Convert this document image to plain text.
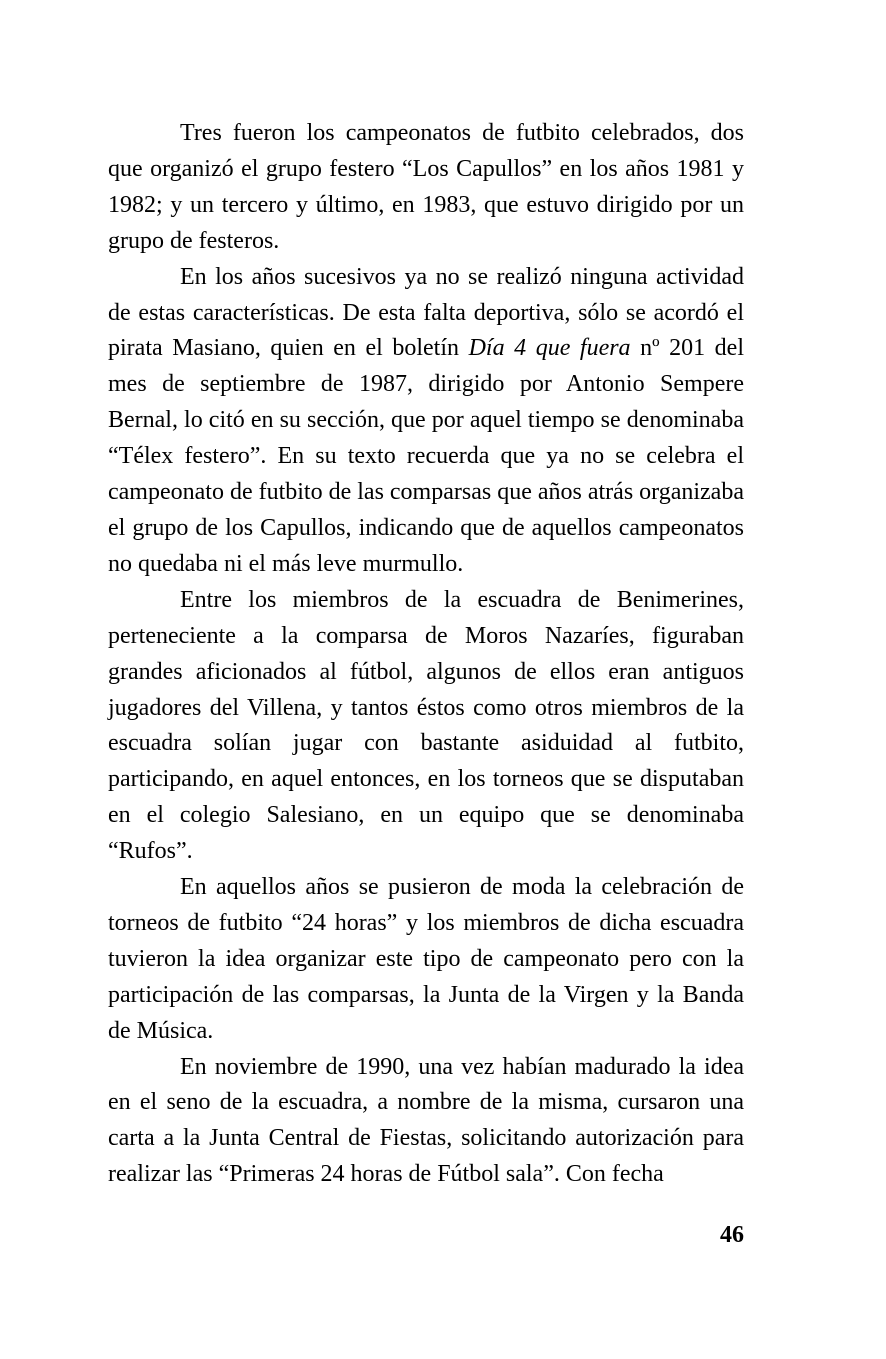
Tres fueron los campeonatos de futbito celebrados, dos que organizó el grupo festero “Los Capullos” en los años 1981 y 1982; y un tercero y último, en 1983, que estuvo dirigido por un grupo de festeros.

En los años sucesivos ya no se realizó ninguna actividad de estas características. De esta falta deportiva, sólo se acordó el pirata Masiano, quien en el boletín Día 4 que fuera nº 201 del mes de septiembre de 1987, dirigido por Antonio Sempere Bernal, lo citó en su sección, que por aquel tiempo se denominaba “Télex festero”. En su texto recuerda que ya no se celebra el campeonato de futbito de las comparsas que años atrás organizaba el grupo de los Capullos, indicando que de aquellos campeonatos no quedaba ni el más leve murmullo.

Entre los miembros de la escuadra de Benimerines, perteneciente a la comparsa de Moros Nazaríes, figuraban grandes aficionados al fútbol, algunos de ellos eran antiguos jugadores del Villena, y tantos éstos como otros miembros de la escuadra solían jugar con bastante asiduidad al futbito, participando, en aquel entonces, en los torneos que se disputaban en el colegio Salesiano, en un equipo que se denominaba “Rufos”.

En aquellos años se pusieron de moda la celebración de torneos de futbito “24 horas” y los miembros de dicha escuadra tuvieron la idea organizar este tipo de campeonato pero con la participación de las comparsas, la Junta de la Virgen y la Banda de Música.

En noviembre de 1990, una vez habían madurado la idea en el seno de la escuadra, a nombre de la misma, cursaron una carta a la Junta Central de Fiestas, solicitando autorización para realizar las “Primeras 24 horas de Fútbol sala”. Con fecha

46
